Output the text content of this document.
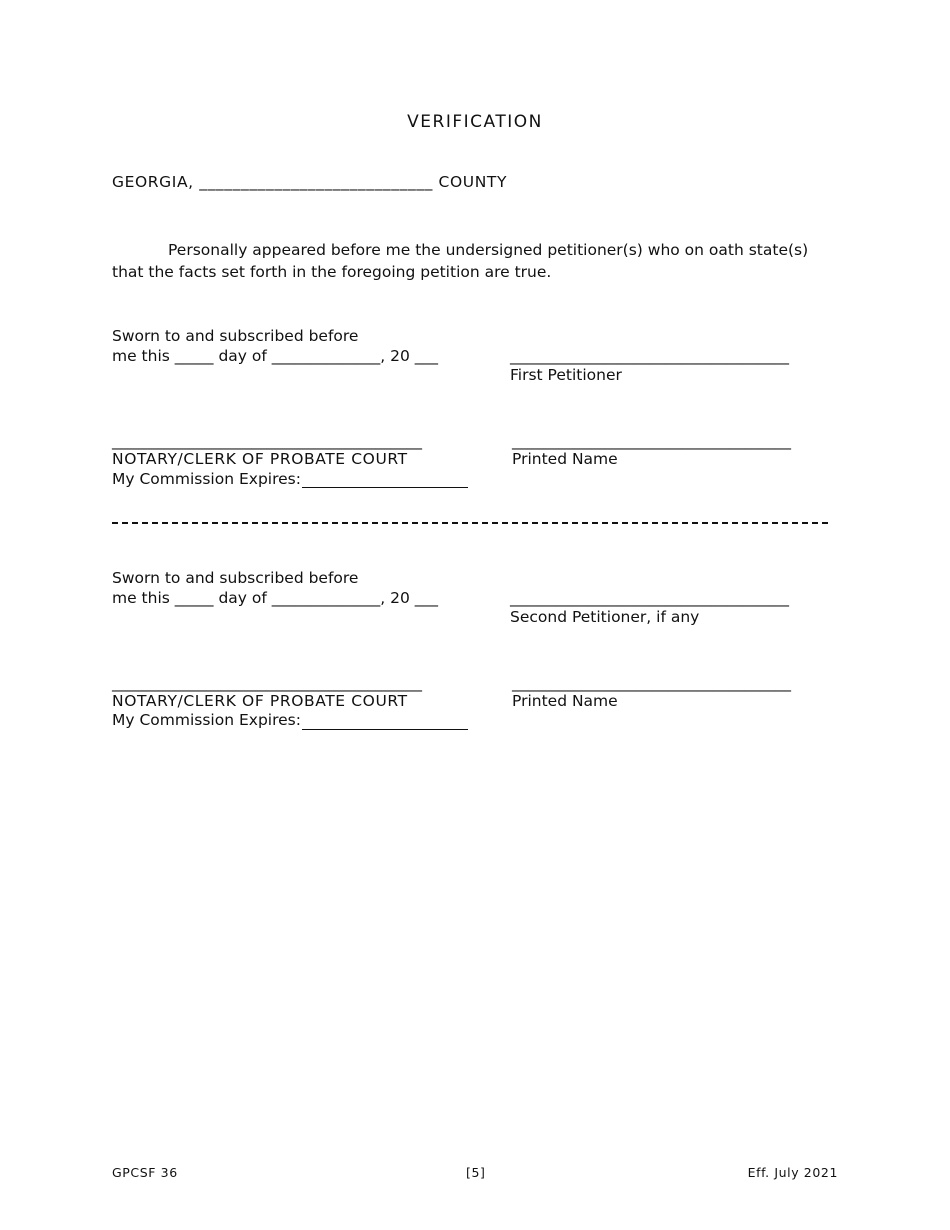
VERIFICATION
GEORGIA, ____________________________ COUNTY
Personally appeared before me the undersigned petitioner(s) who on oath state(s) that the facts set forth in the foregoing petition are true.
Sworn to and subscribed before
me this _____ day of ______________, 20 ___	____________________________________
First Petitioner
________________________________________	____________________________________
NOTARY/CLERK OF PROBATE COURT	Printed Name
My Commission Expires:
Sworn to and subscribed before
me this _____ day of ______________, 20 ___	____________________________________
Second Petitioner, if any
________________________________________	____________________________________
NOTARY/CLERK OF PROBATE COURT	Printed Name
My Commission Expires:
GPCSF 36	[5]	Eff. July 2021
